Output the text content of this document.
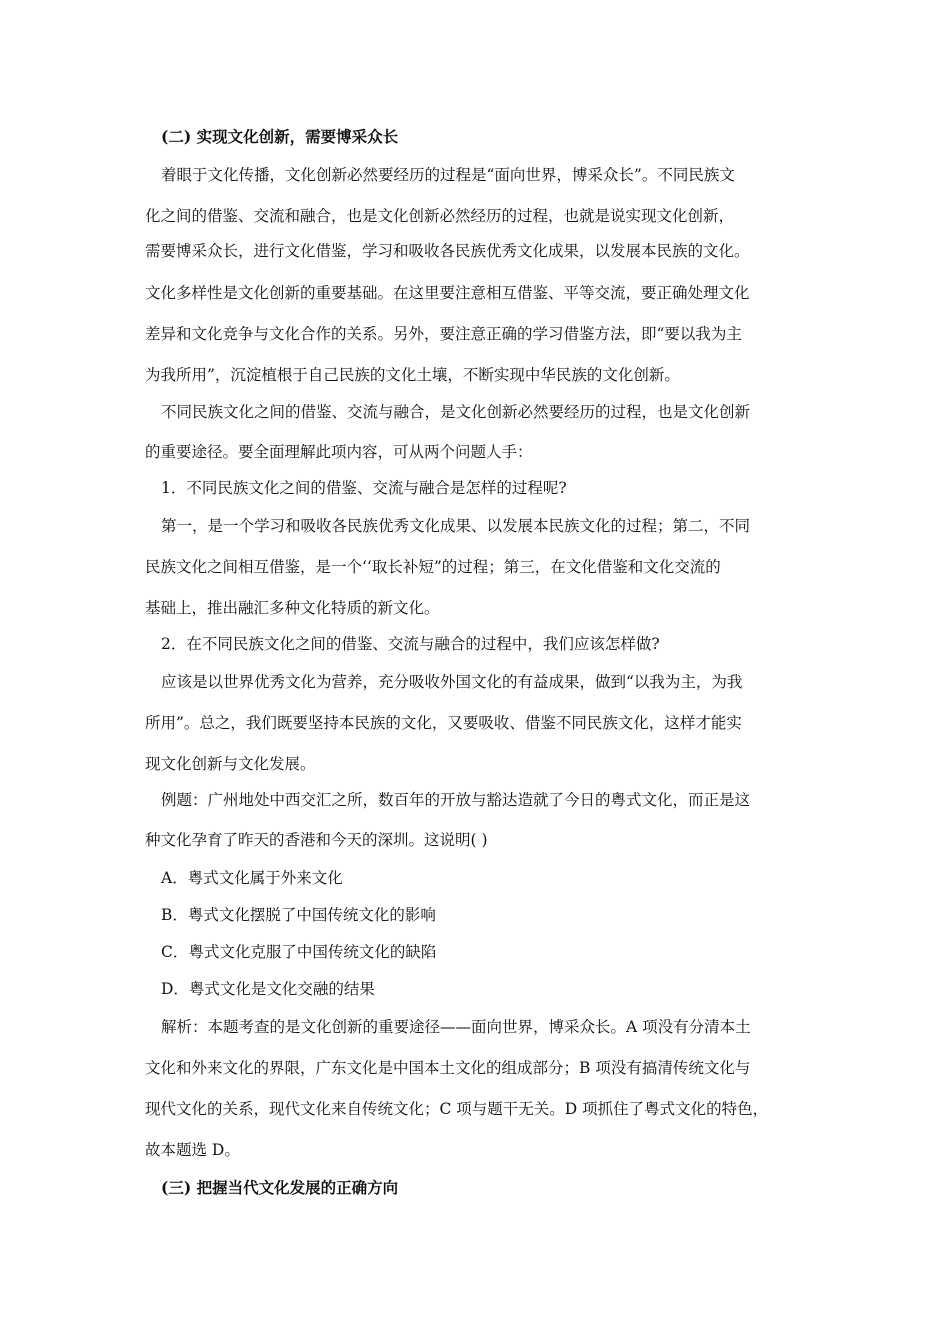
(二) 实现文化创新，需要博采众长
着眼于文化传播，文化创新必然要经历的过程是“面向世界，博采众长”。不同民族文
化之间的借鉴、交流和融合，也是文化创新必然经历的过程，也就是说实现文化创新，
需要博采众长，进行文化借鉴，学习和吸收各民族优秀文化成果，以发展本民族的文化。
文化多样性是文化创新的重要基础。在这里要注意相互借鉴、平等交流，要正确处理文化
差异和文化竞争与文化合作的关系。另外，要注意正确的学习借鉴方法，即“要以我为主
为我所用”，沉淀植根于自己民族的文化土壤，不断实现中华民族的文化创新。
不同民族文化之间的借鉴、交流与融合，是文化创新必然要经历的过程，也是文化创新
的重要途径。要全面理解此项内容，可从两个问题人手：
1．不同民族文化之间的借鉴、交流与融合是怎样的过程呢?
第一，是一个学习和吸收各民族优秀文化成果、以发展本民族文化的过程；第二，不同
民族文化之间相互借鉴，是一个‘‘取长补短”的过程；第三，在文化借鉴和文化交流的
基础上，推出融汇多种文化特质的新文化。
2．在不同民族文化之间的借鉴、交流与融合的过程中，我们应该怎样做?
应该是以世界优秀文化为营养，充分吸收外国文化的有益成果，做到“以我为主，为我
所用”。总之，我们既要坚持本民族的文化，又要吸收、借鉴不同民族文化，这样才能实
现文化创新与文化发展。
例题：广州地处中西交汇之所，数百年的开放与豁达造就了今日的粤式文化，而正是这
种文化孕育了昨天的香港和今天的深圳。这说明( )
A．粤式文化属于外来文化
B．粤式文化摆脱了中国传统文化的影响
C．粤式文化克服了中国传统文化的缺陷
D．粤式文化是文化交融的结果
解析：本题考查的是文化创新的重要途径——面向世界，博采众长。A 项没有分清本土
文化和外来文化的界限，广东文化是中国本土文化的组成部分；B 项没有搞清传统文化与
现代文化的关系，现代文化来自传统文化；C 项与题干无关。D 项抓住了粤式文化的特色，
故本题选 D。
(三) 把握当代文化发展的正确方向
